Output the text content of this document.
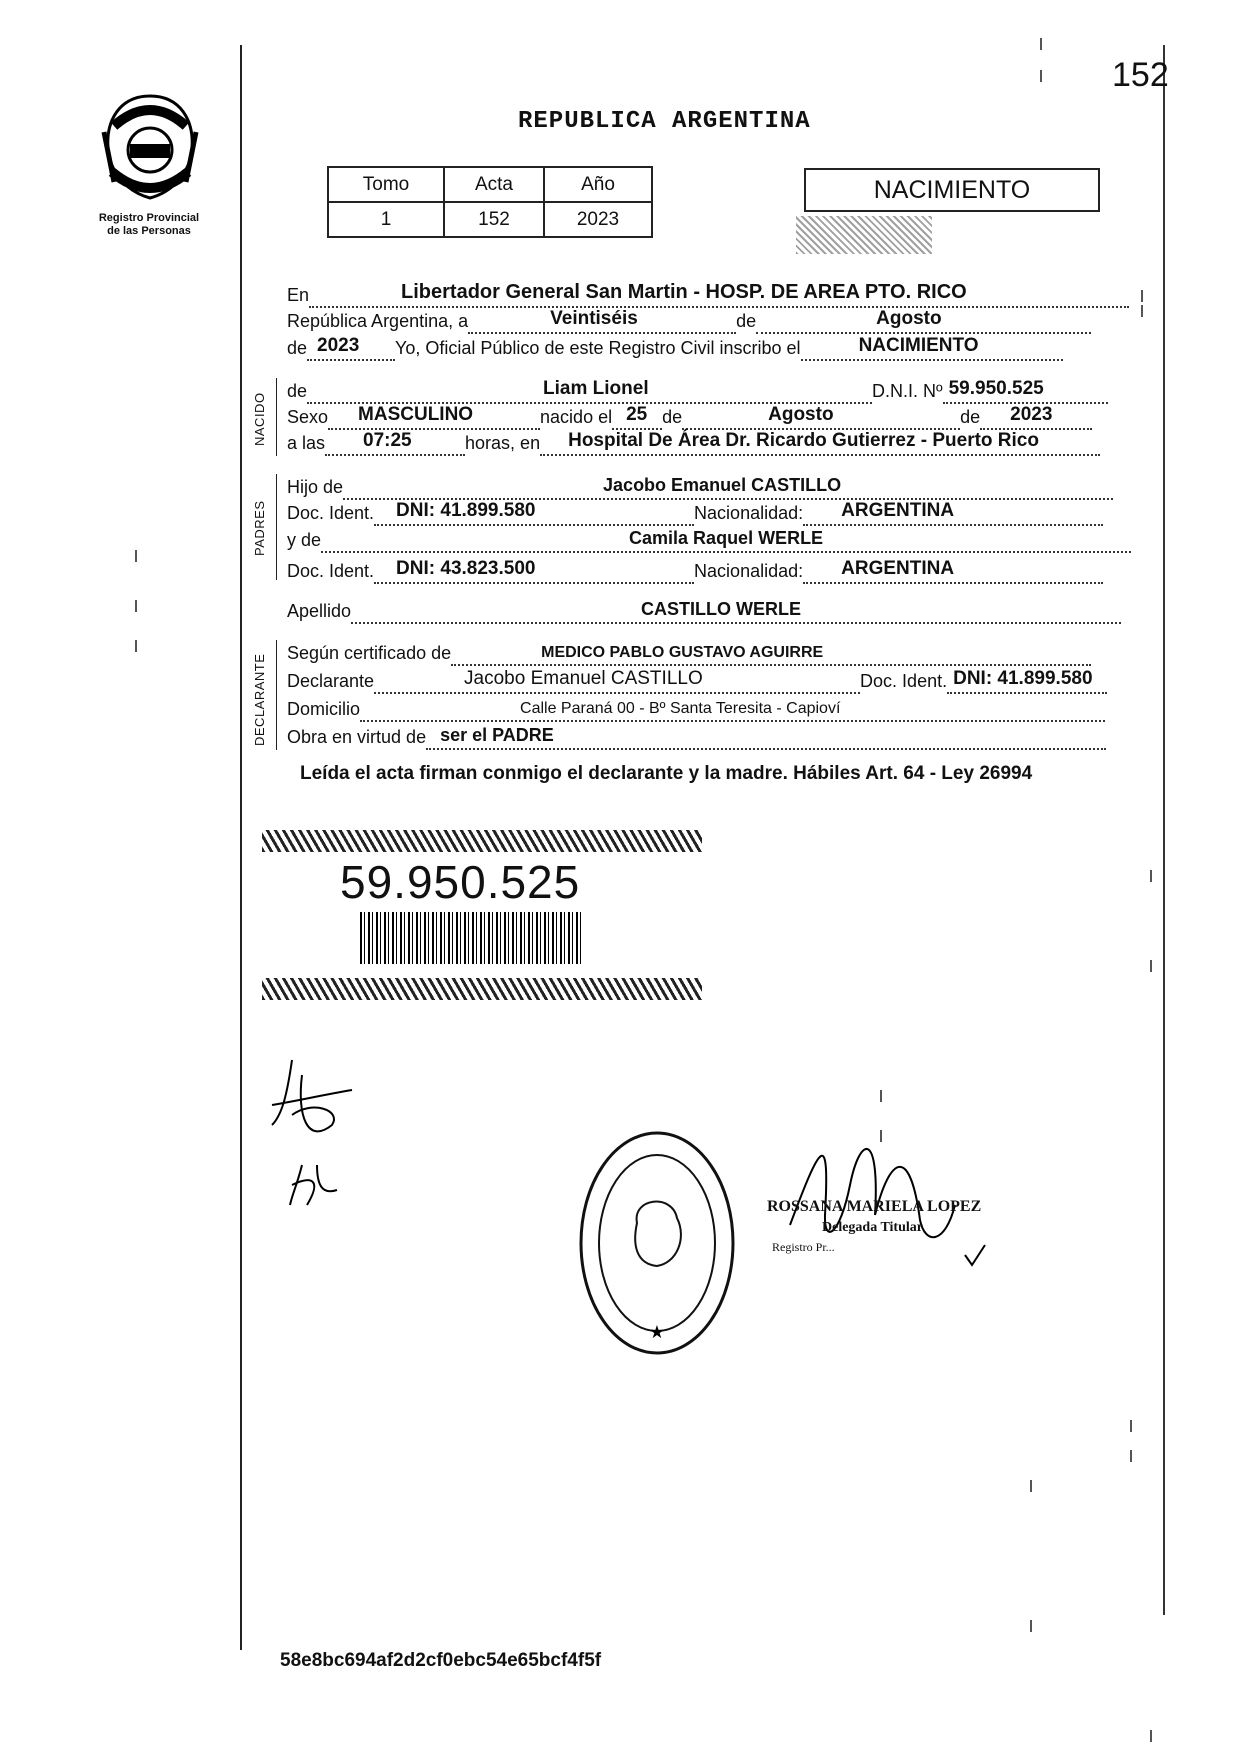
152
Registro Provincial
de las Personas
REPUBLICA ARGENTINA
Tomo	Acta	Año
1	152	2023
NACIMIENTO
En	Libertador General San Martin - HOSP. DE AREA PTO. RICO
República Argentina, a	Veintiséis	de	Agosto
de 2023 Yo, Oficial Público de este Registro Civil inscribo el	NACIMIENTO
NACIDO
de	Liam Lionel	D.N.I. Nº 59.950.525
Sexo MASCULINO	nacido el 25 de	Agosto	de 2023
a las 07:25	horas, en Hospital De Área Dr. Ricardo Gutierrez - Puerto Rico
PADRES
Hijo de	Jacobo Emanuel CASTILLO
Doc. Ident. DNI: 41.899.580	Nacionalidad: ARGENTINA
y de	Camila Raquel WERLE
Doc. Ident. DNI: 43.823.500	Nacionalidad: ARGENTINA
Apellido	CASTILLO WERLE
DECLARANTE
Según certificado de	MEDICO PABLO GUSTAVO AGUIRRE
Declarante	Jacobo Emanuel CASTILLO	Doc. Ident. DNI: 41.899.580
Domicilio	Calle Paraná 00 - Bº Santa Teresita - Capioví
Obra en virtud de ser el PADRE
Leída el acta firman conmigo el declarante y la madre. Hábiles Art. 64 - Ley 26994
59.950.525
★
ROSSANA MARIELA LOPEZ
Delegada Titular
Registro Pr...
58e8bc694af2d2cf0ebc54e65bcf4f5f
